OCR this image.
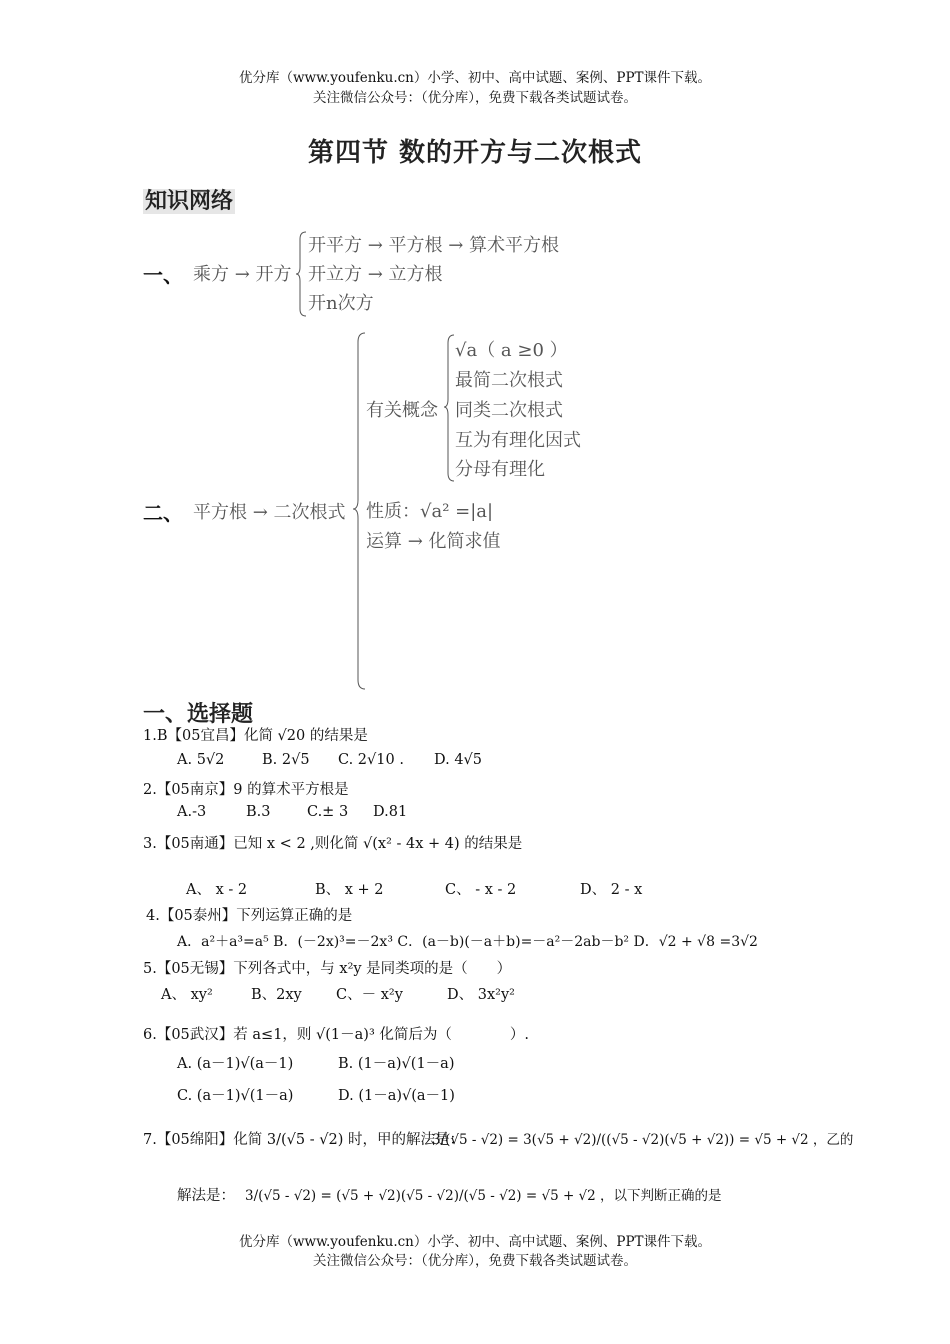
优分库（www.youfenku.cn）小学、初中、高中试题、案例、PPT课件下载。
关注微信公众号：（优分库），免费下载各类试题试卷。
第四节 数的开方与二次根式
知识网络
一、 乘方 → 开方
开平方 → 平方根 → 算术平方根
开立方 → 立方根
开n次方
二、 平方根 → 二次根式
有关概念
√a（ a ≥0 ）
最简二次根式
同类二次根式
互为有理化因式
分母有理化
性质：√a² =|a|
运算 → 化简求值
一、选择题
1.B【05宜昌】化简 √20 的结果是
A. 5√2	B. 2√5 C. 2√10 . D. 4√5
2.【05南京】9 的算术平方根是
A.-3	B.3	C.± 3 D.81
3.【05南通】已知 x < 2 ,则化简 √(x² - 4x + 4) 的结果是
A、 x - 2	B、 x + 2	C、 - x - 2	D、 2 - x
4.【05泰州】下列运算正确的是
A．a²＋a³=a⁵ B．(－2x)³=－2x³ C．(a－b)(－a＋b)=－a²－2ab－b² D．√2 + √8 =3√2
5.【05无锡】下列各式中，与 x²y 是同类项的是（　　）
A、 xy²	B、2xy C、－ x²y	D、 3x²y²
6.【05武汉】若 a≤1，则 √(1－a)³ 化简后为（　　　　）.
A. (a－1)√(a－1)	B. (1－a)√(1－a)
C. (a－1)√(1－a)	D. (1－a)√(a－1)
7.【05绵阳】化简 3/(√5 - √2) 时，甲的解法是：
3/(√5 - √2) = 3(√5 + √2)/((√5 - √2)(√5 + √2)) = √5 + √2 ，乙的
解法是： 3/(√5 - √2) = (√5 + √2)(√5 - √2)/(√5 - √2) = √5 + √2 ，以下判断正确的是
优分库（www.youfenku.cn）小学、初中、高中试题、案例、PPT课件下载。
关注微信公众号：（优分库），免费下载各类试题试卷。
